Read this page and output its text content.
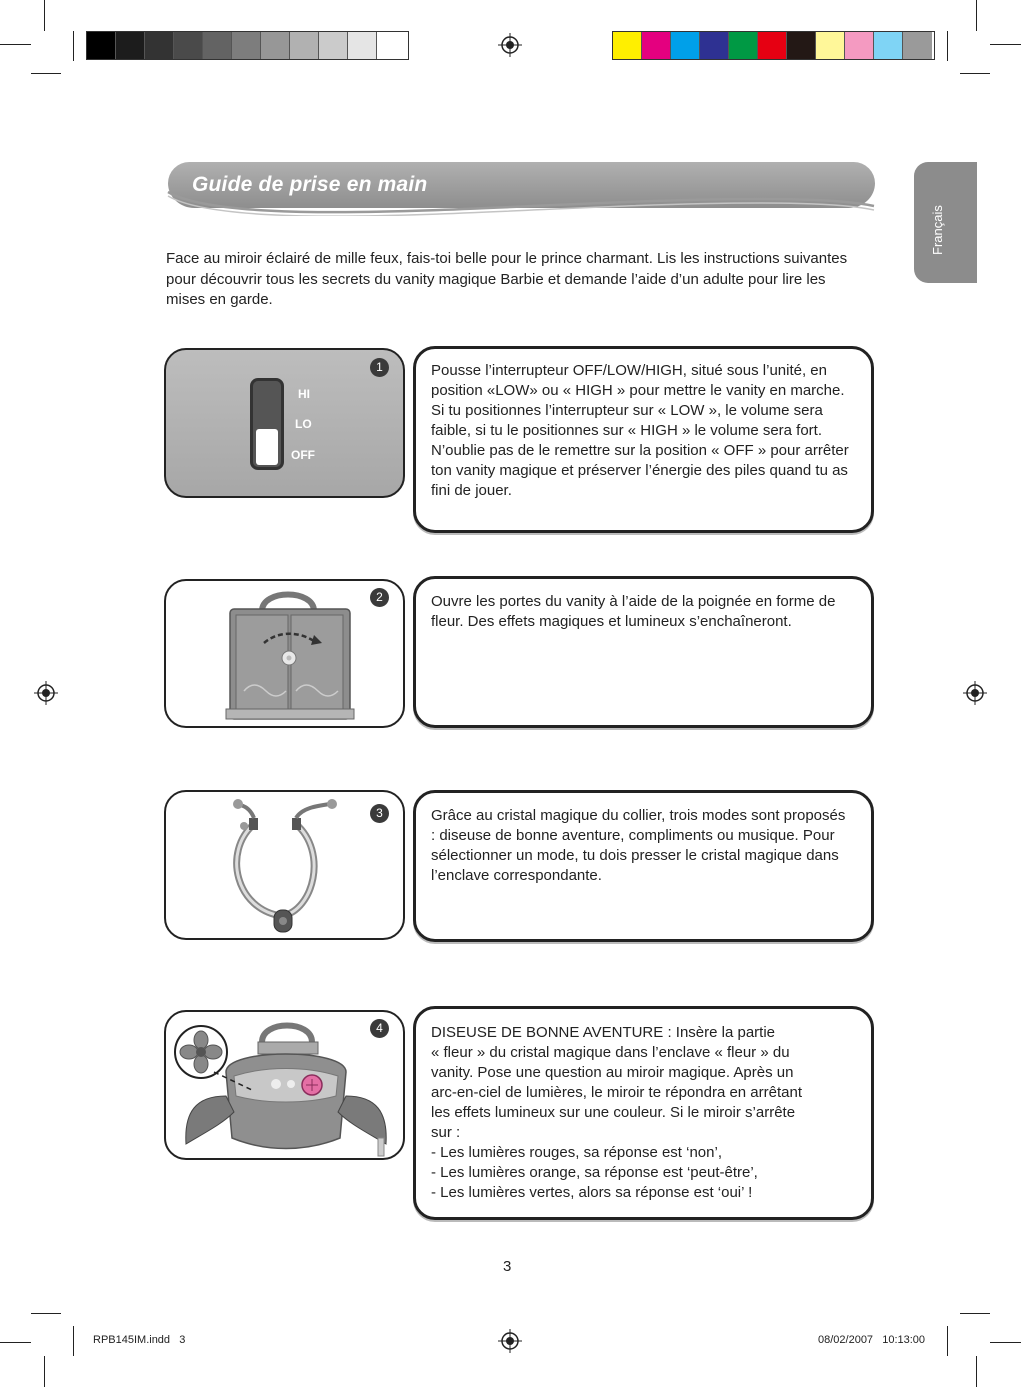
Guide de prise en main
Français
Face au miroir éclairé de mille feux, fais-toi belle pour le prince charmant. Lis les instructions suivantes pour découvrir tous les secrets du vanity magique Barbie et demande l’aide d’un adulte pour lire les mises en garde.
HI
LO
OFF
1	Pousse l’interrupteur OFF/LOW/HIGH, situé sous l’unité, en position «LOW» ou « HIGH » pour mettre le vanity en marche. Si tu positionnes l’interrupteur sur « LOW », le volume sera faible, si tu le positionnes sur « HIGH » le volume sera fort. N’oublie pas de le remettre sur la position « OFF » pour arrêter ton vanity magique et préserver l’énergie des piles quand tu as fini de jouer.
2	Ouvre les portes du vanity à l’aide de la poignée en forme de fleur. Des effets magiques et lumineux s’enchaîneront.
3	Grâce au cristal magique du collier, trois modes sont proposés : diseuse de bonne aventure, compliments ou musique. Pour sélectionner un mode, tu dois presser le cristal magique dans l’enclave correspondante.
4	DISEUSE DE BONNE AVENTURE : Insère la partie
« fleur » du cristal magique dans l’enclave « fleur » du
vanity. Pose une question au miroir magique. Après un
arc-en-ciel de lumières, le miroir te répondra en arrêtant
les effets lumineux sur une couleur. Si le miroir s’arrête
sur :
- Les lumières rouges, sa réponse est ‘non’,
- Les lumières orange, sa réponse est ‘peut-être’,
- Les lumières vertes, alors sa réponse est ‘oui’ !
3
RPB145IM.indd   3	08/02/2007   10:13:00
